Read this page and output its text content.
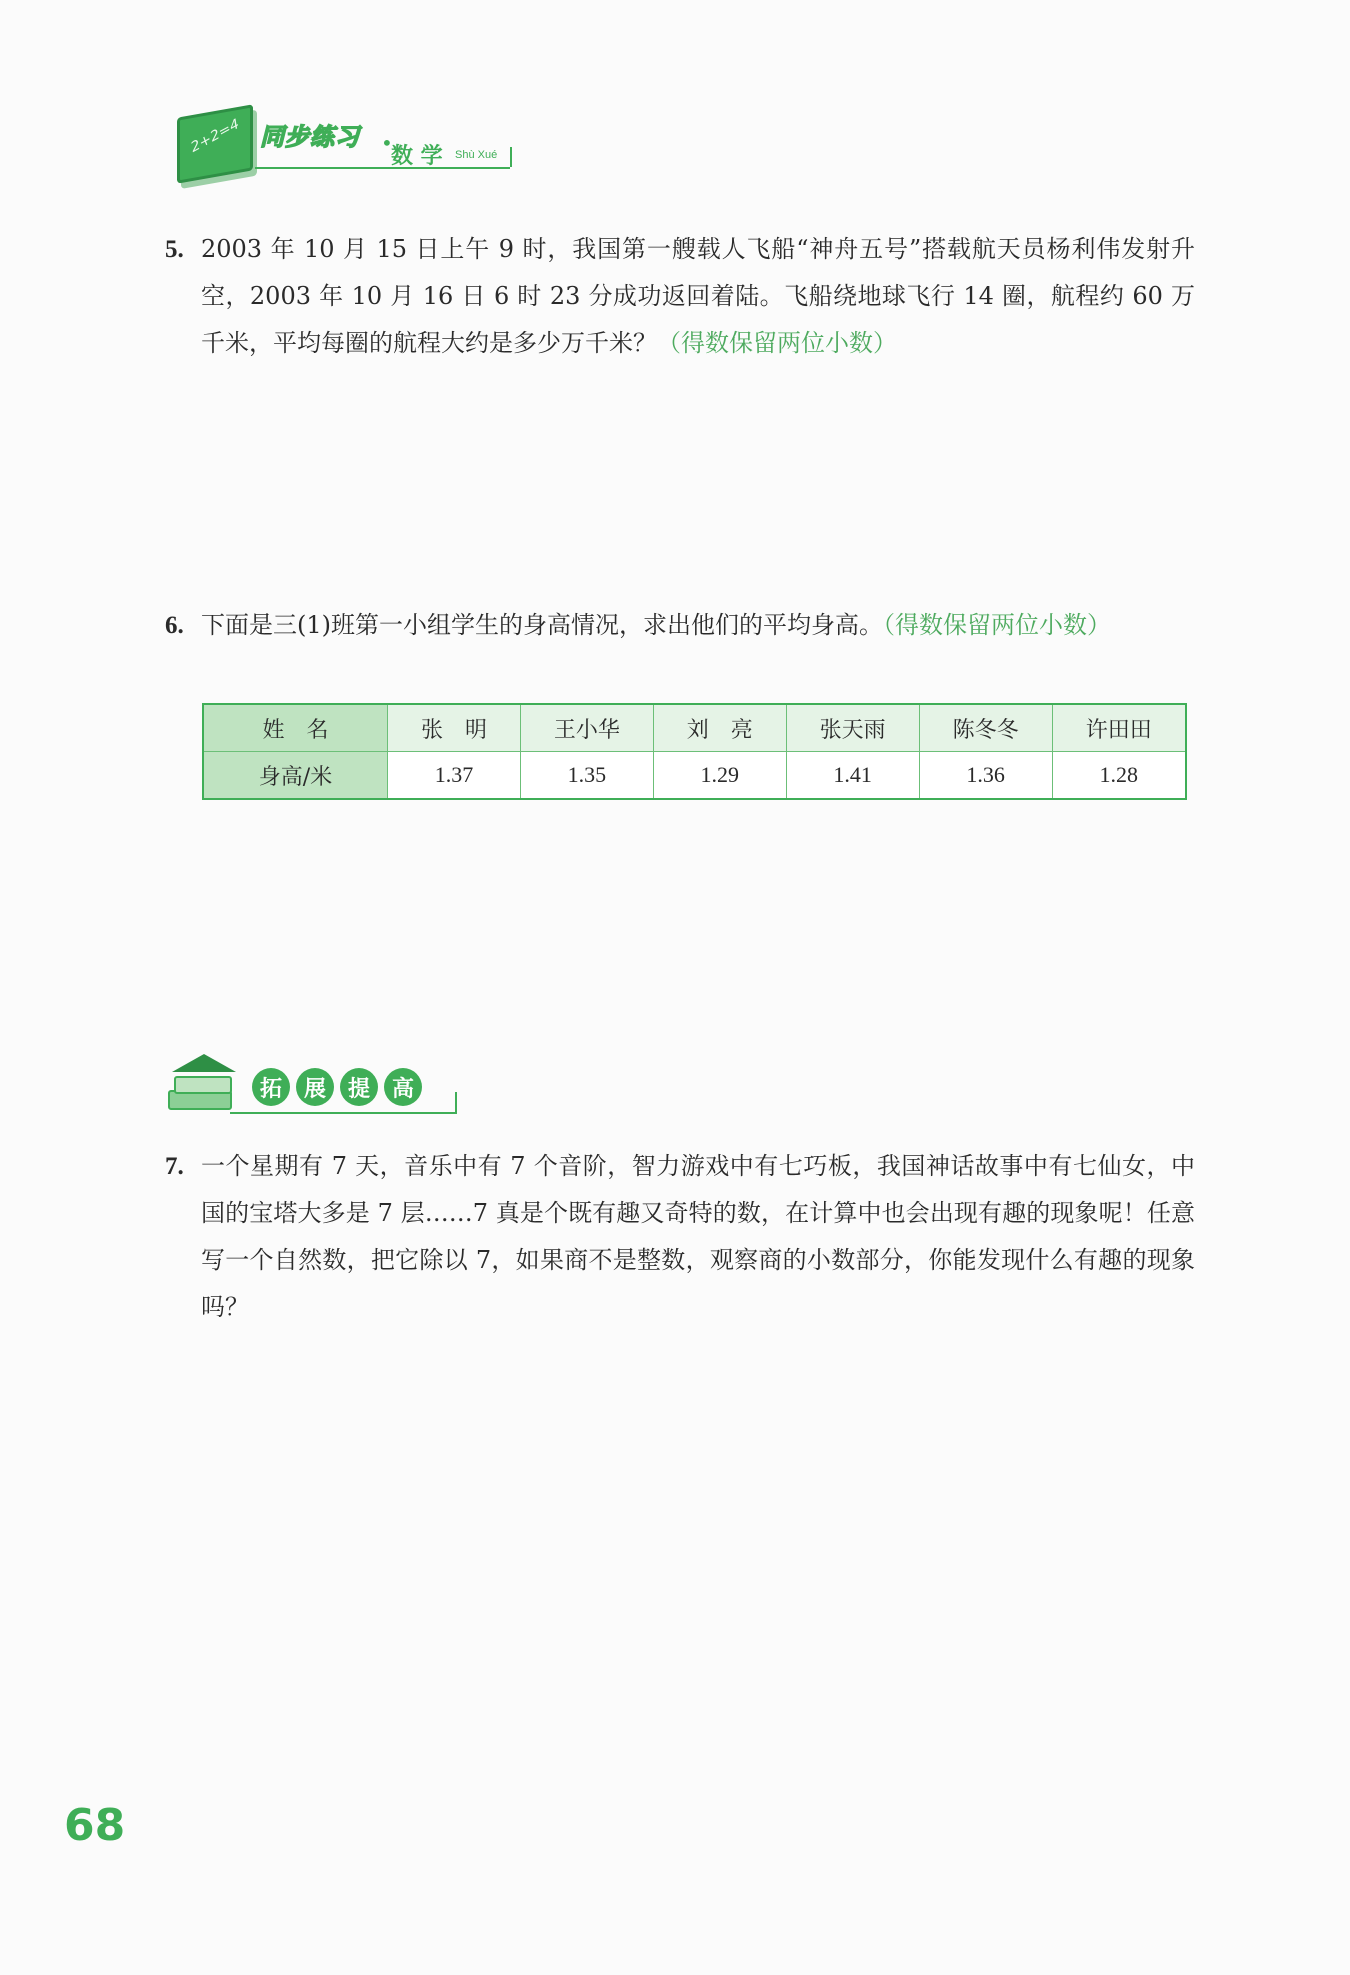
2+2=4 同步练习 •
数 学 Shù Xué
5. 2003 年 10 月 15 日上午 9 时，我国第一艘载人飞船“神舟五号”搭载航天员杨利伟发射升空，2003 年 10 月 16 日 6 时 23 分成功返回着陆。飞船绕地球飞行 14 圈，航程约 60 万千米，平均每圈的航程大约是多少万千米？（得数保留两位小数）
6. 下面是三(1)班第一小组学生的身高情况，求出他们的平均身高。（得数保留两位小数）
姓　名	张　明	王小华	刘　亮	张天雨	陈冬冬	许田田
身高/米	1.37	1.35	1.29	1.41	1.36	1.28
拓 展 提 高
7. 一个星期有 7 天，音乐中有 7 个音阶，智力游戏中有七巧板，我国神话故事中有七仙女，中国的宝塔大多是 7 层……7 真是个既有趣又奇特的数，在计算中也会出现有趣的现象呢！任意写一个自然数，把它除以 7，如果商不是整数，观察商的小数部分，你能发现什么有趣的现象吗？
68
